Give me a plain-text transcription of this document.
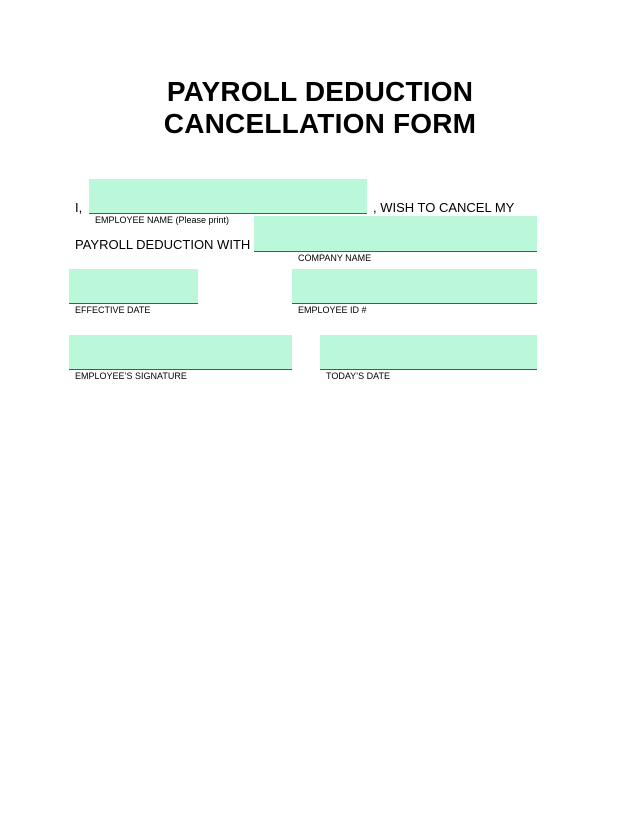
PAYROLL DEDUCTION
CANCELLATION FORM
I,	, WISH TO CANCEL MY
EMPLOYEE NAME (Please print)
PAYROLL DEDUCTION WITH
COMPANY NAME
EFFECTIVE DATE	EMPLOYEE ID #
EMPLOYEE’S SIGNATURE	TODAY’S DATE
